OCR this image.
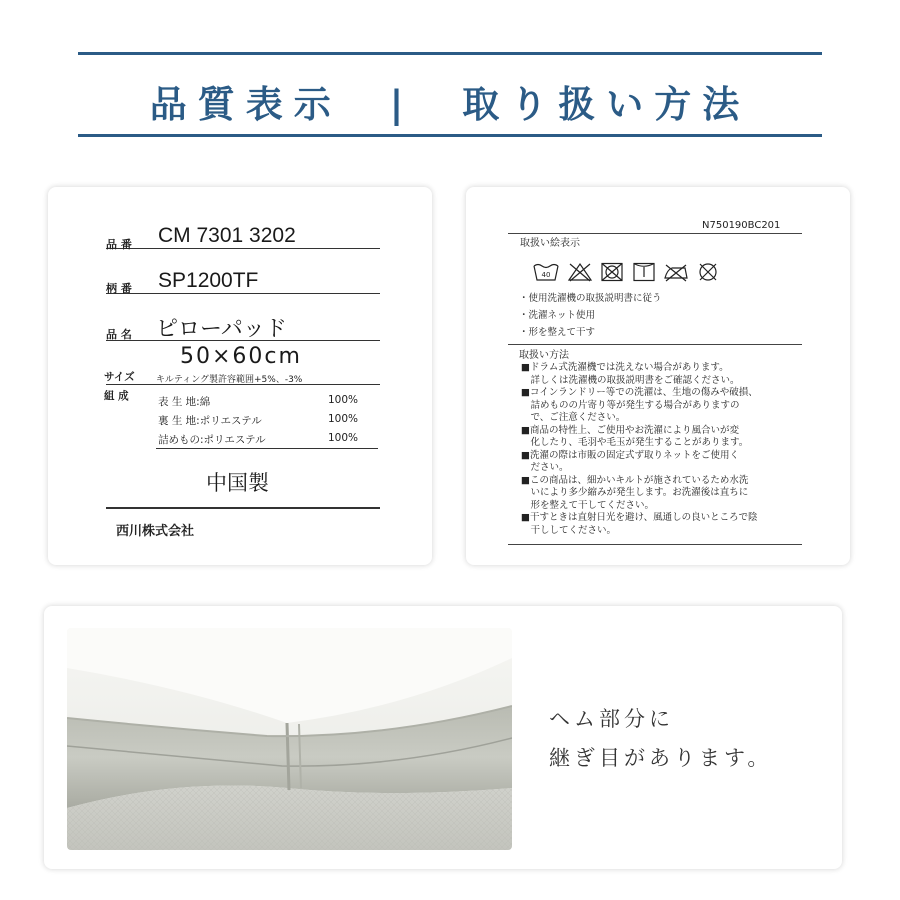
品質表示　|　取り扱い方法
品 番 CM 7301 3202
柄 番 SP1200TF
品 名 ピローパッド
50×60cm
サイズ キルティング製許容範囲+5%、-3%
組 成	表 生 地:綿	100%
裏 生 地:ポリエステル	100%
詰めもの:ポリエステル	100%
中国製
西川株式会社
N750190BC201
取扱い絵表示
40
・使用洗濯機の取扱説明書に従う
・洗濯ネット使用
・形を整えて干す
取扱い方法
■ドラム式洗濯機では洗えない場合があります。
　詳しくは洗濯機の取扱説明書をご確認ください。
■コインランドリー等での洗濯は、生地の傷みや破損、
　詰めものの片寄り等が発生する場合がありますの
　で、ご注意ください。
■商品の特性上、ご使用やお洗濯により風合いが変
　化したり、毛羽や毛玉が発生することがあります。
■洗濯の際は市販の固定式ず取りネットをご使用く
　ださい。
■この商品は、細かいキルトが施されているため水洗
　いにより多少縮みが発生します。お洗濯後は直ちに
　形を整えて干してください。
■干すときは直射日光を避け、風通しの良いところで陰
　干ししてください。
ヘム部分に
継ぎ目があります。
